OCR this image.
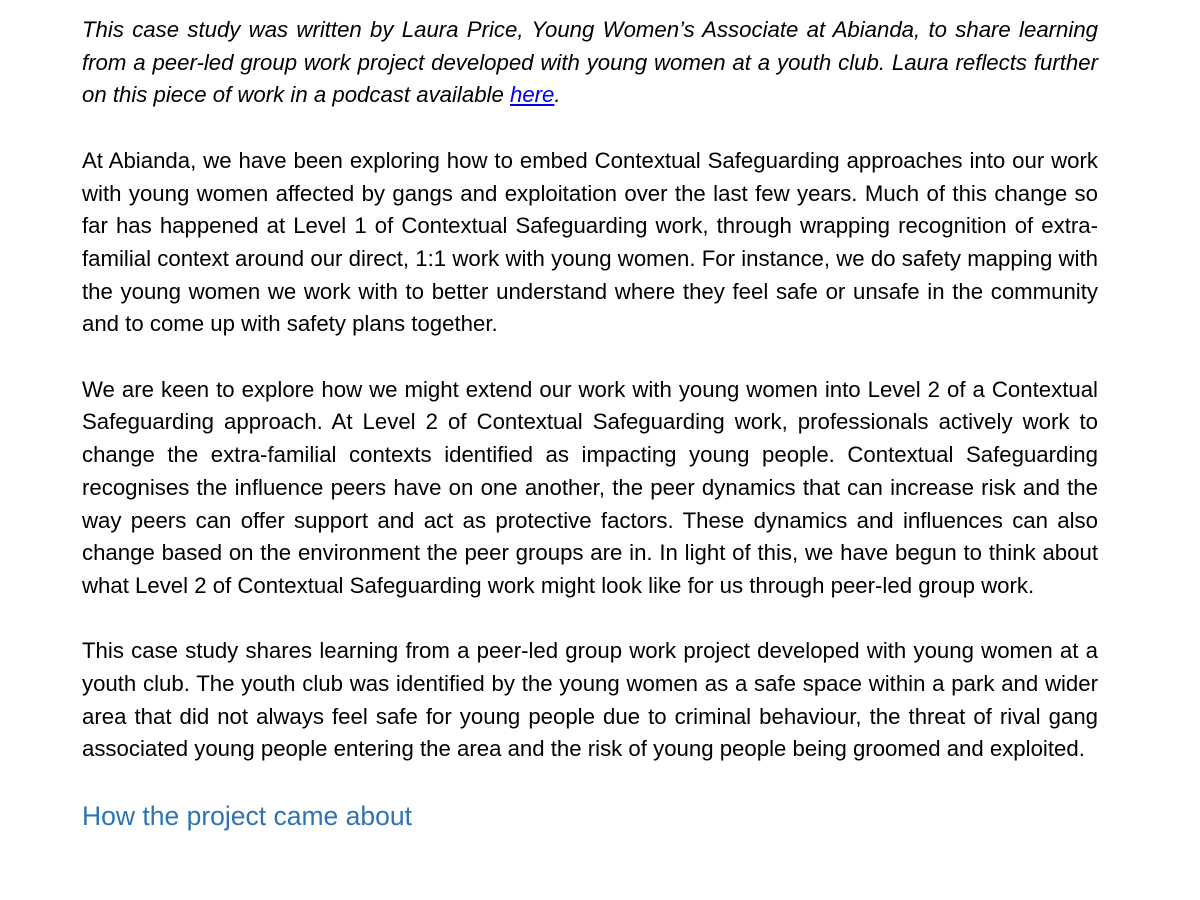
This case study was written by Laura Price, Young Women’s Associate at Abianda, to share learning from a peer-led group work project developed with young women at a youth club. Laura reflects further on this piece of work in a podcast available here.

At Abianda, we have been exploring how to embed Contextual Safeguarding approaches into our work with young women affected by gangs and exploitation over the last few years. Much of this change so far has happened at Level 1 of Contextual Safeguarding work, through wrapping recognition of extra-familial context around our direct, 1:1 work with young women. For instance, we do safety mapping with the young women we work with to better understand where they feel safe or unsafe in the community and to come up with safety plans together.

We are keen to explore how we might extend our work with young women into Level 2 of a Contextual Safeguarding approach. At Level 2 of Contextual Safeguarding work, professionals actively work to change the extra-familial contexts identified as impacting young people. Contextual Safeguarding recognises the influence peers have on one another, the peer dynamics that can increase risk and the way peers can offer support and act as protective factors. These dynamics and influences can also change based on the environment the peer groups are in. In light of this, we have begun to think about what Level 2 of Contextual Safeguarding work might look like for us through peer-led group work.

This case study shares learning from a peer-led group work project developed with young women at a youth club. The youth club was identified by the young women as a safe space within a park and wider area that did not always feel safe for young people due to criminal behaviour, the threat of rival gang associated young people entering the area and the risk of young people being groomed and exploited.

How the project came about
